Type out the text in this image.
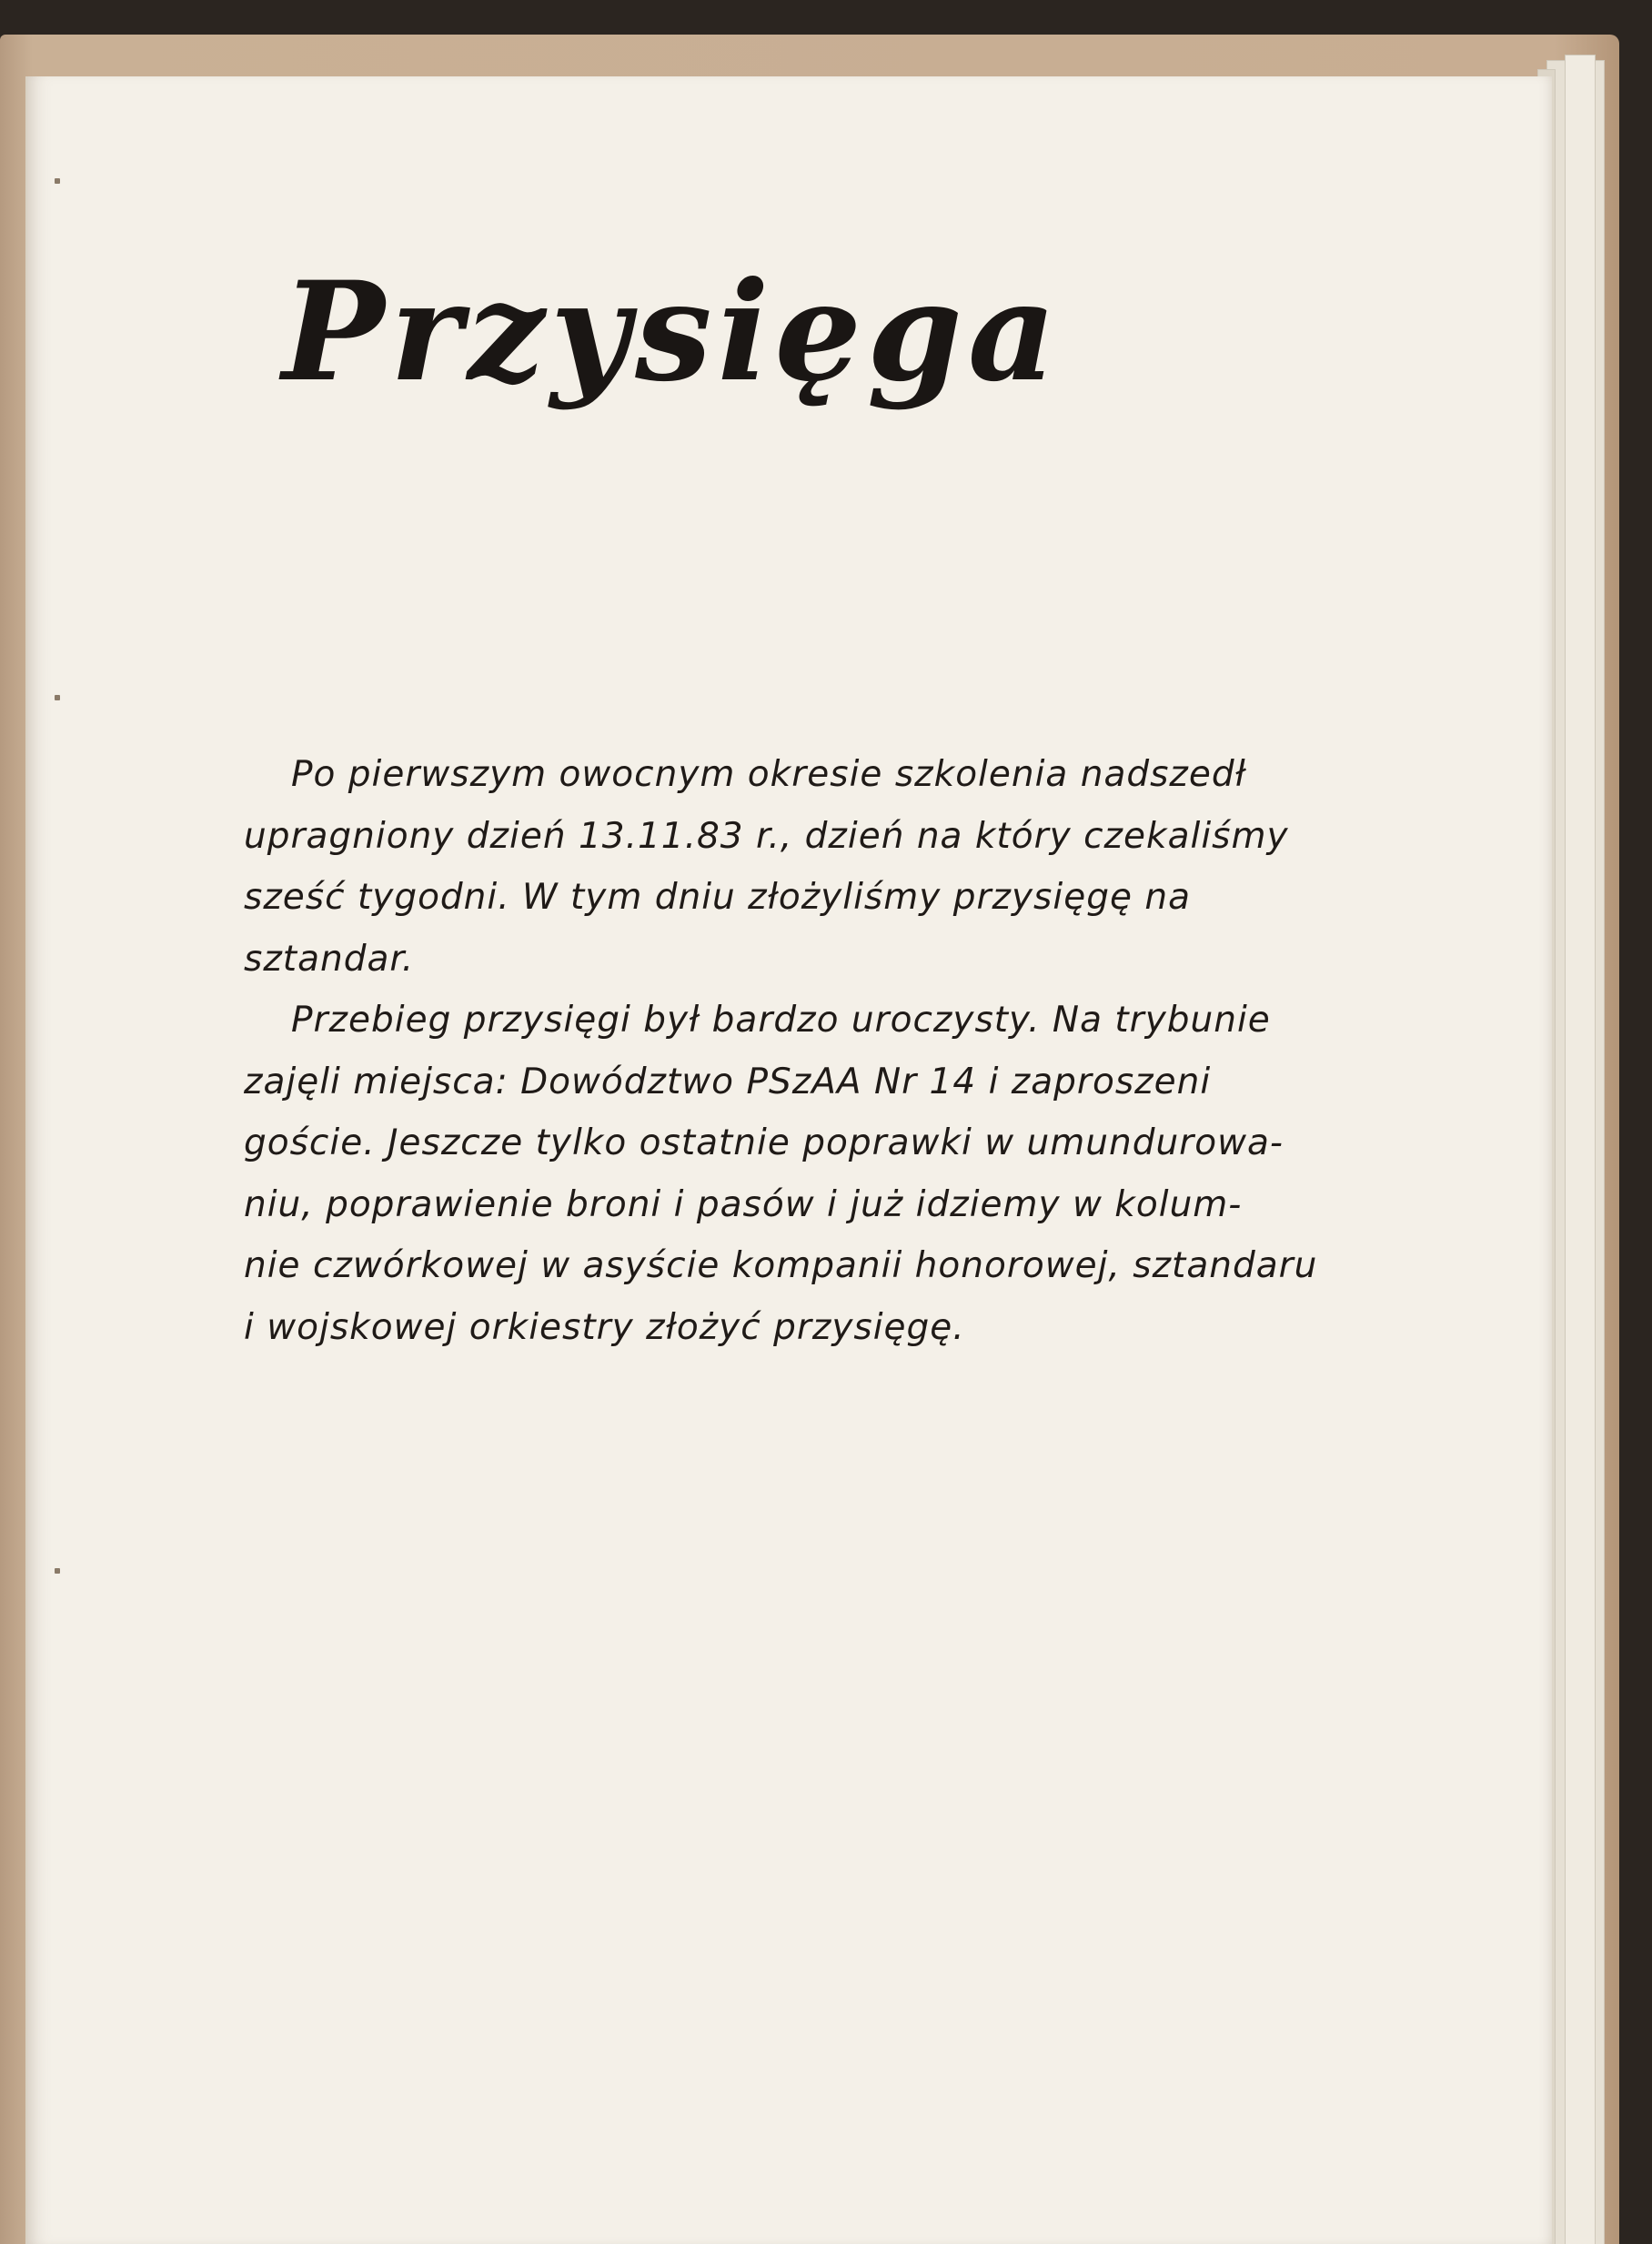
Przysięga
Po pierwszym owocnym okresie szkolenia nadszedł
upragniony dzień 13.11.83 r., dzień na który czekaliśmy
sześć tygodni. W tym dniu złożyliśmy przysięgę na
sztandar.
Przebieg przysięgi był bardzo uroczysty. Na trybunie
zajęli miejsca: Dowództwo PSzAA Nr 14 i zaproszeni
goście. Jeszcze tylko ostatnie poprawki w umundurowa-
niu, poprawienie broni i pasów i już idziemy w kolum-
nie czwórkowej w asyście kompanii honorowej, sztandaru
i wojskowej orkiestry złożyć przysięgę.
